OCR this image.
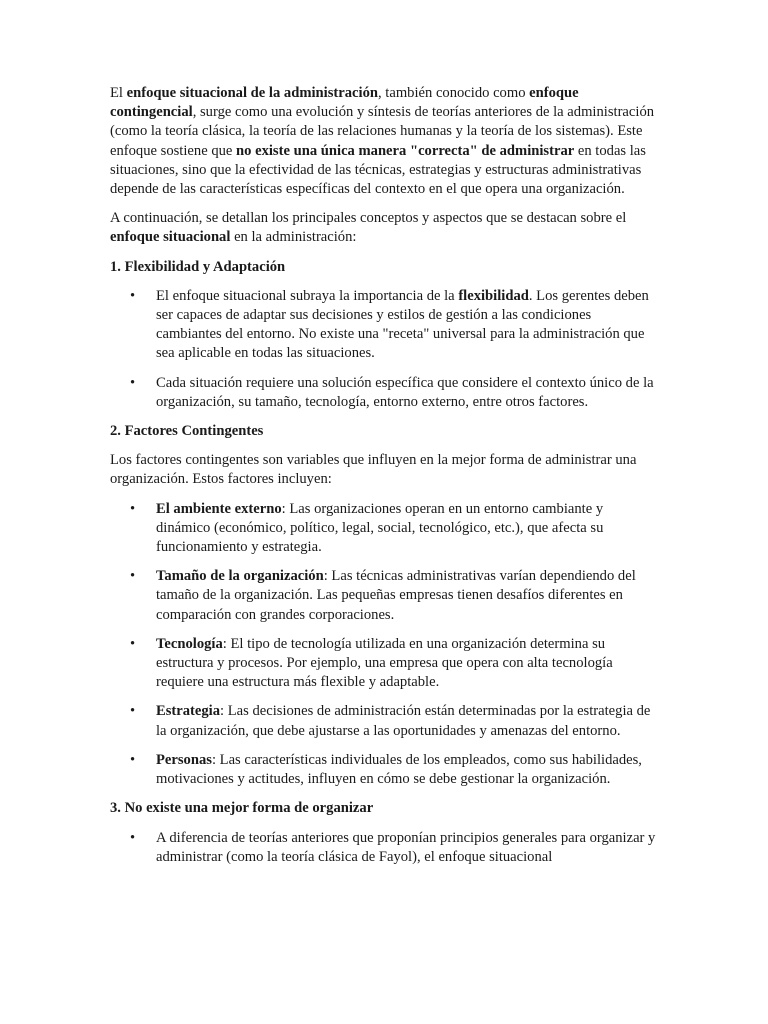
El enfoque situacional de la administración, también conocido como enfoque contingencial, surge como una evolución y síntesis de teorías anteriores de la administración (como la teoría clásica, la teoría de las relaciones humanas y la teoría de los sistemas). Este enfoque sostiene que no existe una única manera "correcta" de administrar en todas las situaciones, sino que la efectividad de las técnicas, estrategias y estructuras administrativas depende de las características específicas del contexto en el que opera una organización.

A continuación, se detallan los principales conceptos y aspectos que se destacan sobre el enfoque situacional en la administración:

1. Flexibilidad y Adaptación
• El enfoque situacional subraya la importancia de la flexibilidad. Los gerentes deben ser capaces de adaptar sus decisiones y estilos de gestión a las condiciones cambiantes del entorno. No existe una "receta" universal para la administración que sea aplicable en todas las situaciones.
• Cada situación requiere una solución específica que considere el contexto único de la organización, su tamaño, tecnología, entorno externo, entre otros factores.
2. Factores Contingentes

Los factores contingentes son variables que influyen en la mejor forma de administrar una organización. Estos factores incluyen:

• El ambiente externo: Las organizaciones operan en un entorno cambiante y dinámico (económico, político, legal, social, tecnológico, etc.), que afecta su funcionamiento y estrategia.
• Tamaño de la organización: Las técnicas administrativas varían dependiendo del tamaño de la organización. Las pequeñas empresas tienen desafíos diferentes en comparación con grandes corporaciones.
• Tecnología: El tipo de tecnología utilizada en una organización determina su estructura y procesos. Por ejemplo, una empresa que opera con alta tecnología requiere una estructura más flexible y adaptable.
• Estrategia: Las decisiones de administración están determinadas por la estrategia de la organización, que debe ajustarse a las oportunidades y amenazas del entorno.
• Personas: Las características individuales de los empleados, como sus habilidades, motivaciones y actitudes, influyen en cómo se debe gestionar la organización.
3. No existe una mejor forma de organizar
• A diferencia de teorías anteriores que proponían principios generales para organizar y administrar (como la teoría clásica de Fayol), el enfoque situacional
